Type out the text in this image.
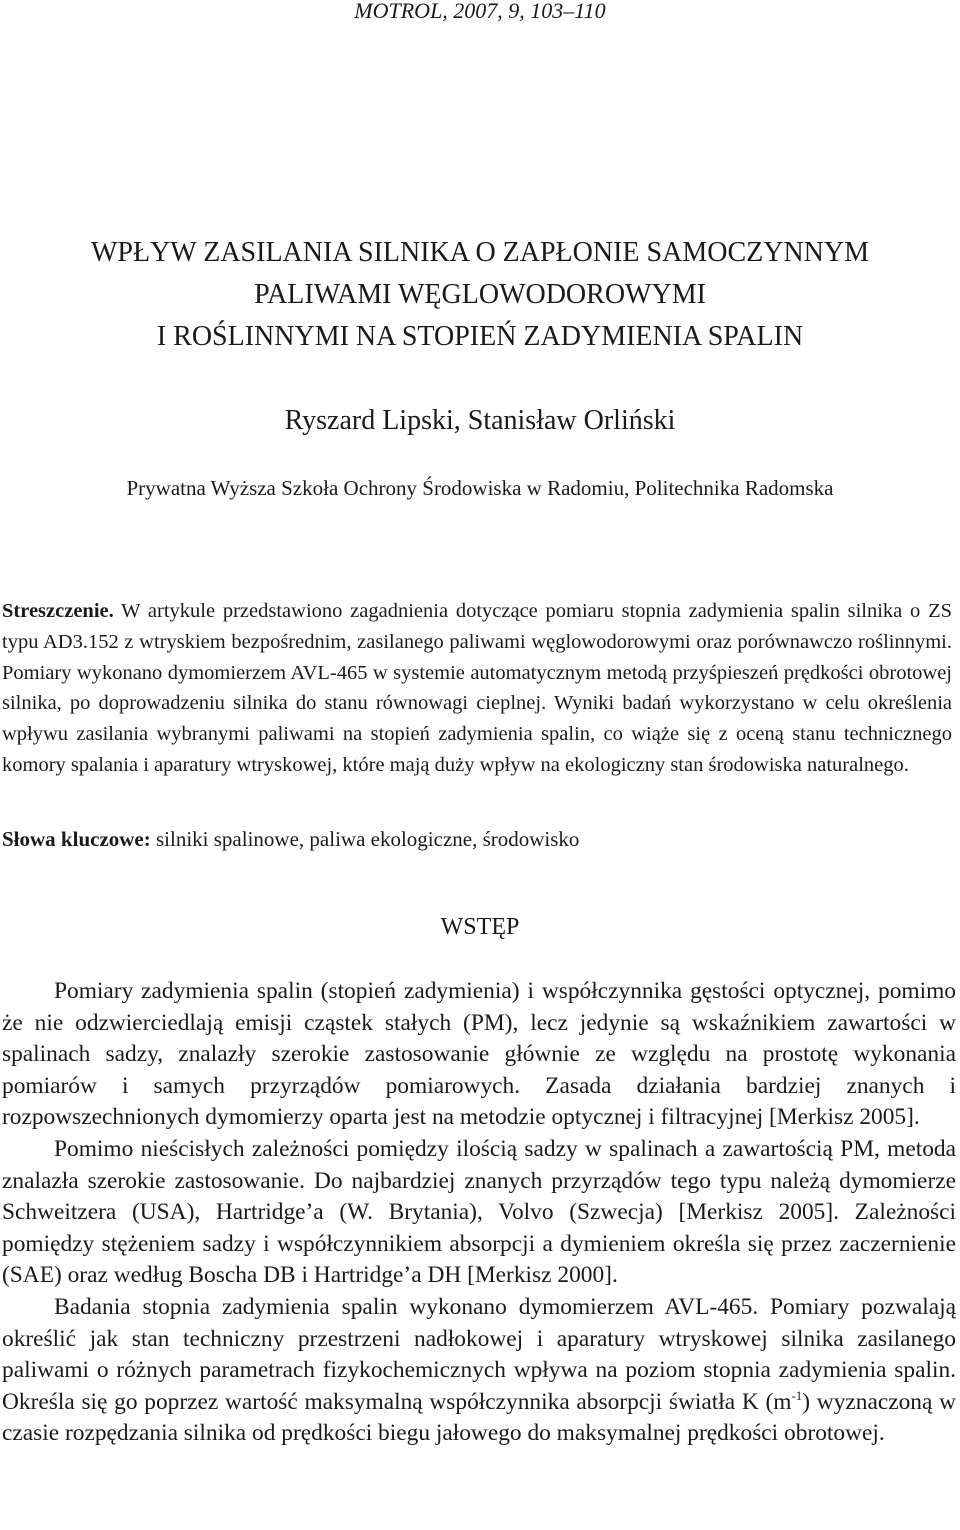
MOTROL, 2007, 9, 103–110
WPŁYW ZASILANIA SILNIKA O ZAPŁONIE SAMOCZYNNYM
PALIWAMI WĘGLOWODOROWYMI
I ROŚLINNYMI NA STOPIEŃ ZADYMIENIA SPALIN
Ryszard Lipski, Stanisław Orliński
Prywatna Wyższa Szkoła Ochrony Środowiska w Radomiu, Politechnika Radomska

Streszczenie. W artykule przedstawiono zagadnienia dotyczące pomiaru stopnia zadymienia spalin silnika o ZS typu AD3.152 z wtryskiem bezpośrednim, zasilanego paliwami węglowodorowymi oraz porównawczo roślinnymi. Pomiary wykonano dymomierzem AVL-465 w systemie automatycznym metodą przyśpieszeń prędkości obrotowej silnika, po doprowadzeniu silnika do stanu równowagi cieplnej. Wyniki badań wykorzystano w celu określenia wpływu zasilania wybranymi paliwami na stopień zadymienia spalin, co wiąże się z oceną stanu technicznego komory spalania i aparatury wtryskowej, które mają duży wpływ na ekologiczny stan środowiska naturalnego.

Słowa kluczowe: silniki spalinowe, paliwa ekologiczne, środowisko

WSTĘP

Pomiary zadymienia spalin (stopień zadymienia) i współczynnika gęstości optycznej, pomimo że nie odzwierciedlają emisji cząstek stałych (PM), lecz jedynie są wskaźnikiem zawartości w spalinach sadzy, znalazły szerokie zastosowanie głównie ze względu na prostotę wykonania pomiarów i samych przyrządów pomiarowych. Zasada działania bardziej znanych i rozpowszechnionych dymomierzy oparta jest na metodzie optycznej i filtracyjnej [Merkisz 2005].

Pomimo nieścisłych zależności pomiędzy ilością sadzy w spalinach a zawartością PM, metoda znalazła szerokie zastosowanie. Do najbardziej znanych przyrządów tego typu należą dymomierze Schweitzera (USA), Hartridge’a (W. Brytania), Volvo (Szwecja) [Merkisz 2005]. Zależności pomiędzy stężeniem sadzy i współczynnikiem absorpcji a dymieniem określa się przez zaczernienie (SAE) oraz według Boscha DB i Hartridge’a DH [Merkisz 2000].

Badania stopnia zadymienia spalin wykonano dymomierzem AVL-465. Pomiary pozwalają określić jak stan techniczny przestrzeni nadłokowej i aparatury wtryskowej silnika zasilanego paliwami o różnych parametrach fizykochemicznych wpływa na poziom stopnia zadymienia spalin. Określa się go poprzez wartość maksymalną współczynnika absorpcji światła K $(m^{-1})$ wyznaczoną w czasie rozpędzania silnika od prędkości biegu jałowego do maksymalnej prędkości obrotowej.
